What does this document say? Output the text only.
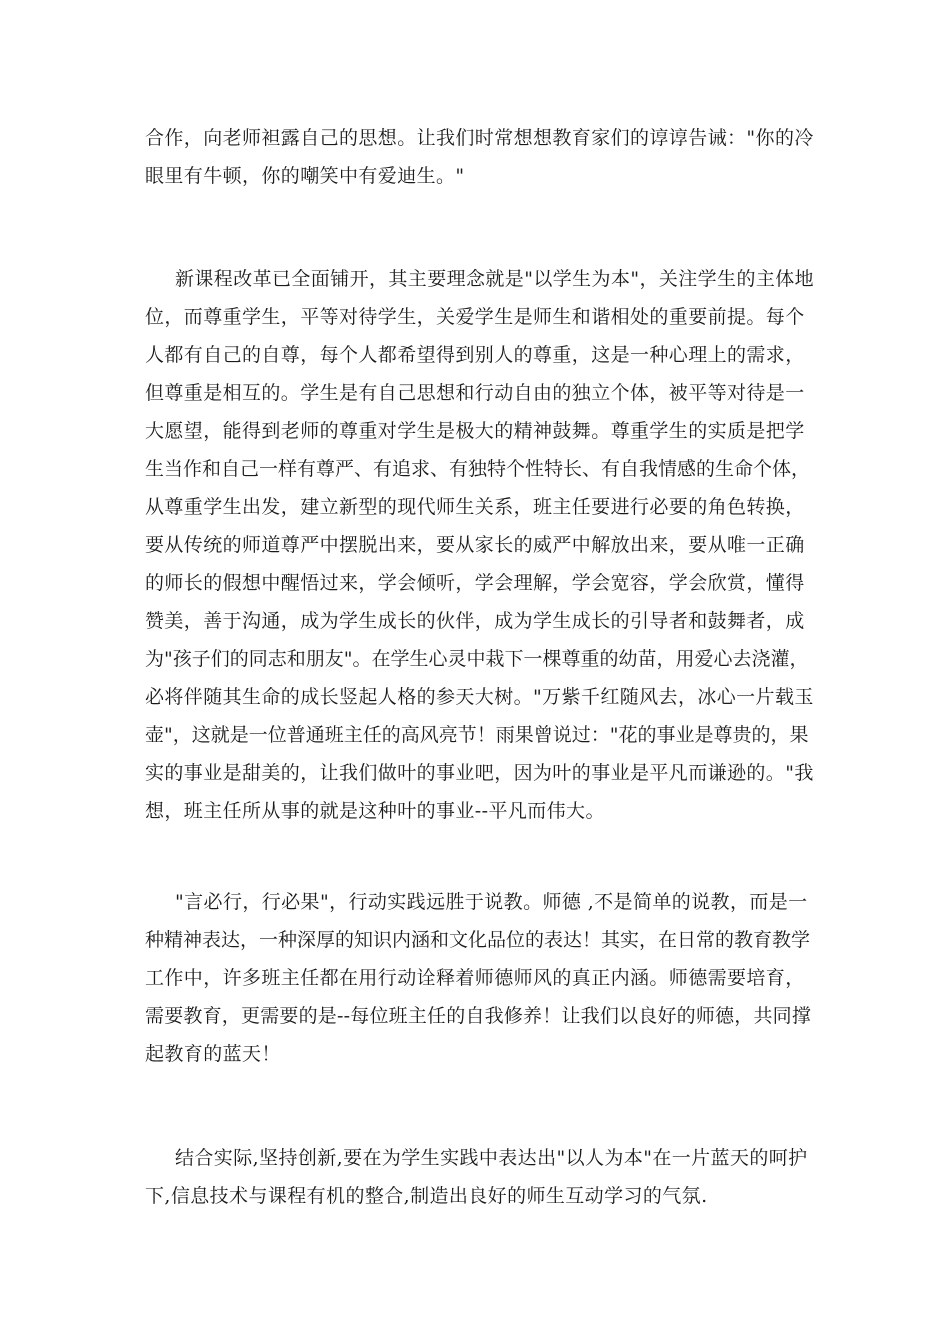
合作，向老师袒露自己的思想。让我们时常想想教育家们的谆谆告诫："你的冷
眼里有牛顿，你的嘲笑中有爱迪生。"
新课程改革已全面铺开，其主要理念就是"以学生为本"，关注学生的主体地
位，而尊重学生，平等对待学生，关爱学生是师生和谐相处的重要前提。每个
人都有自己的自尊，每个人都希望得到别人的尊重，这是一种心理上的需求，
但尊重是相互的。学生是有自己思想和行动自由的独立个体，被平等对待是一
大愿望，能得到老师的尊重对学生是极大的精神鼓舞。尊重学生的实质是把学
生当作和自己一样有尊严、有追求、有独特个性特长、有自我情感的生命个体，
从尊重学生出发，建立新型的现代师生关系，班主任要进行必要的角色转换，
要从传统的师道尊严中摆脱出来，要从家长的威严中解放出来，要从唯一正确
的师长的假想中醒悟过来，学会倾听，学会理解，学会宽容，学会欣赏，懂得
赞美，善于沟通，成为学生成长的伙伴，成为学生成长的引导者和鼓舞者，成
为"孩子们的同志和朋友"。在学生心灵中栽下一棵尊重的幼苗，用爱心去浇灌，
必将伴随其生命的成长竖起人格的参天大树。"万紫千红随风去，冰心一片载玉
壶"，这就是一位普通班主任的高风亮节！雨果曾说过："花的事业是尊贵的，果
实的事业是甜美的，让我们做叶的事业吧，因为叶的事业是平凡而谦逊的。"我
想，班主任所从事的就是这种叶的事业--平凡而伟大。
"言必行，行必果"，行动实践远胜于说教。师德 ,不是简单的说教，而是一
种精神表达，一种深厚的知识内涵和文化品位的表达！其实，在日常的教育教学
工作中，许多班主任都在用行动诠释着师德师风的真正内涵。师德需要培育，
需要教育，更需要的是--每位班主任的自我修养！让我们以良好的师德，共同撑
起教育的蓝天！
结合实际,坚持创新,要在为学生实践中表达出"以人为本"在一片蓝天的呵护
下,信息技术与课程有机的整合,制造出良好的师生互动学习的气氛.
